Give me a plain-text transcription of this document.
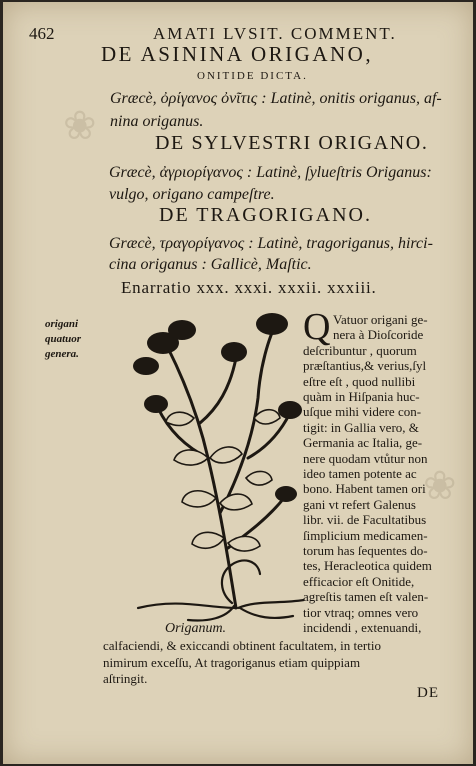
❀
❀
462	AMATI LVSIT. COMMENT.
DE ASININA ORIGANO,
ONITIDE DICTA.
Græcè, ὀρίγανος ὀνῖτις : Latinè, onitis origanus, af-
nina origanus.
DE SYLVESTRI ORIGANO.
Græcè, ἀγριορίγανος : Latinè, ſylueſtris Origanus:
vulgo, origano campeſtre.
DE TRAGORIGANO.
Græcè, τραγορίγανος : Latinè, tragoriganus, hirci-
cina origanus : Gallicè, Maſtic.
Enarratio xxx. xxxi. xxxii. xxxiii.
origani
quatuor
genera.
Q Vatuor origani ge-
nera à Dioſcoride
deſcribuntur , quorum
præſtantius,& verius,ſyl
eſtre eſt , quod nullibi
quàm in Hiſpania huc-
uſque mihi videre con-
tigit: in Gallia vero, &
Germania ac Italia, ge-
nere quodam vtůtur non
ideo tamen potente ac
bono. Habent tamen ori
gani vt refert Galenus
libr. vii. de Facultatibus
ſimplicium medicamen-
torum has ſequentes do-
tes, Heracleotica quidem
efficacior eſt Onitide,
agreſtis tamen eſt valen-
tior vtraq; omnes vero
incidendi , extenuandi,
calfaciendi, & exiccandi obtinent facultatem, in tertio
nimirum exceſſu, At tragoriganus etiam quippiam
aſtringit.
Origanum.
DE
